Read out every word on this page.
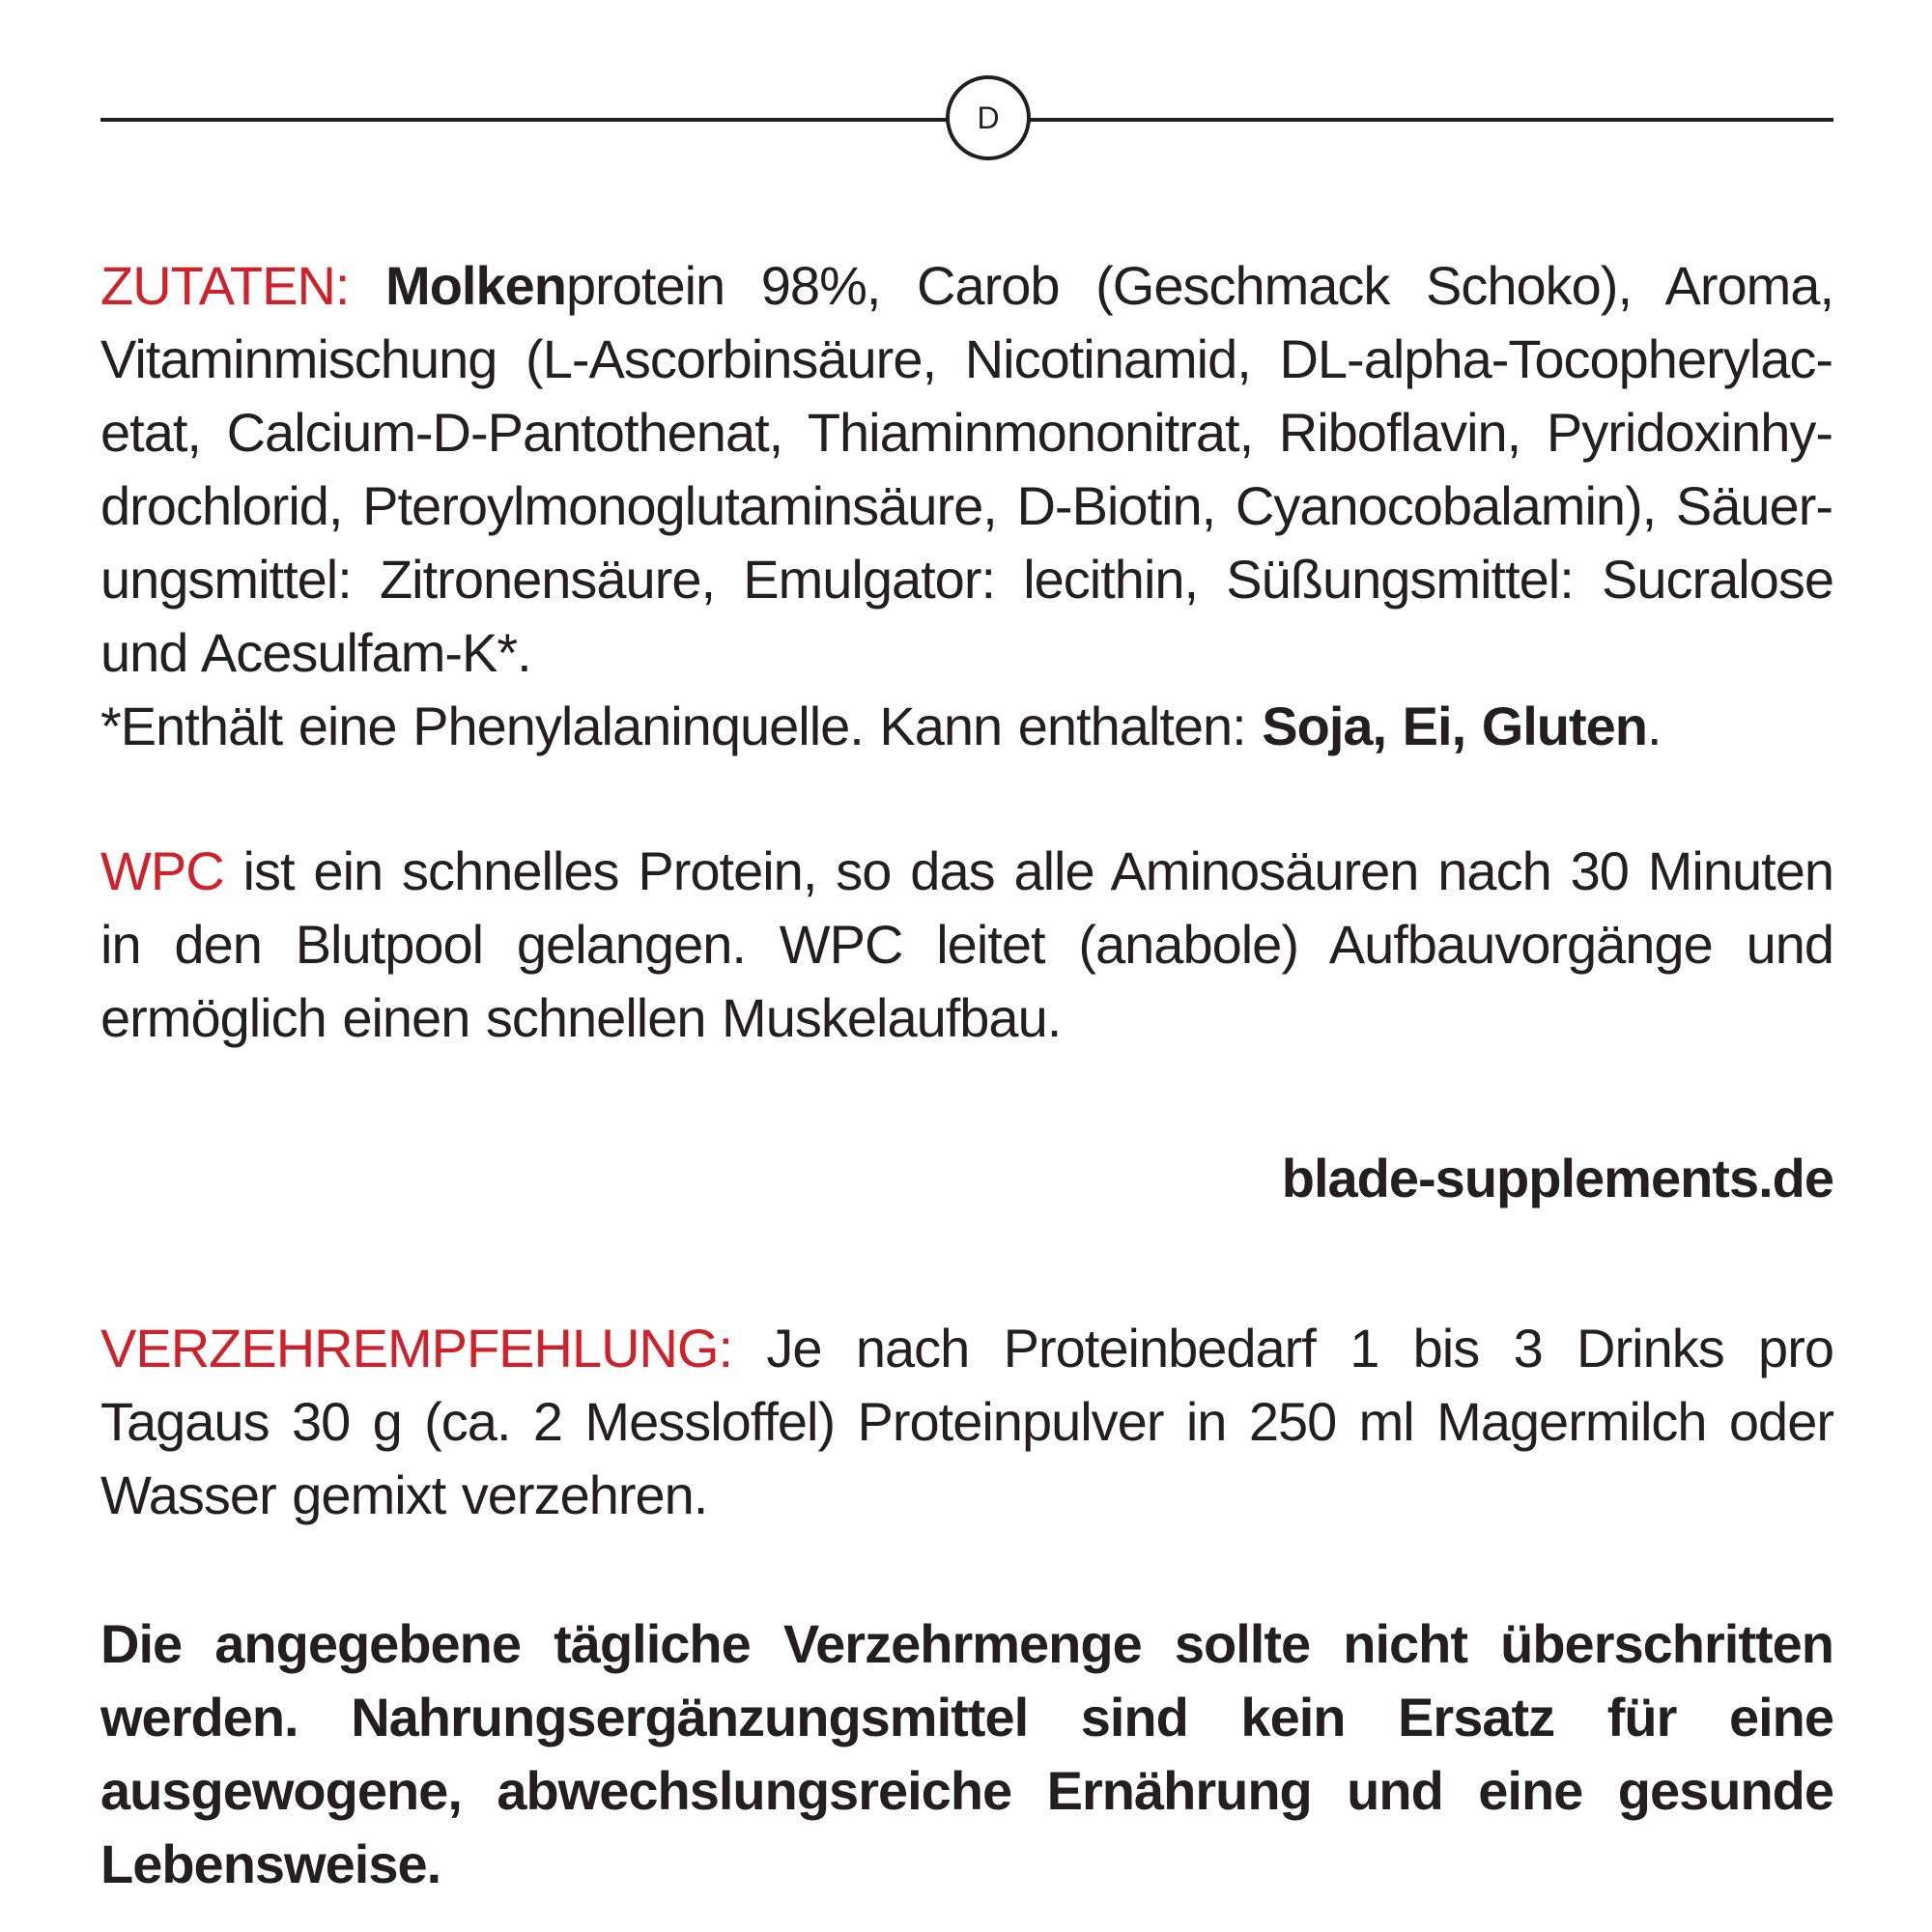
D

ZUTATEN: Molkenprotein 98%, Carob (Geschmack Schoko), Aroma, Vitaminmischung (L-Ascorbinsäure, Nicotinamid, DL-alpha-Tocopherylacetat, Calcium-D-Pantothenat, Thiaminmononitrat, Riboflavin, Pyridoxinhydrochlorid, Pteroylmonoglutaminsäure, D-Biotin, Cyanocobalamin), Säuerungsmittel: Zitronensäure, Emulgator: lecithin, Süßungsmittel: Sucralose und Acesulfam-K*.

*Enthält eine Phenylalaninquelle. Kann enthalten: Soja, Ei, Gluten.

WPC ist ein schnelles Protein, so das alle Aminosäuren nach 30 Minuten in den Blutpool gelangen. WPC leitet (anabole) Aufbauvorgänge und ermöglich einen schnellen Muskelaufbau.

blade-supplements.de

VERZEHREMPFEHLUNG: Je nach Proteinbedarf 1 bis 3 Drinks pro Tagaus 30 g (ca. 2 Messloffel) Proteinpulver in 250 ml Magermilch oder Wasser gemixt verzehren.

Die angegebene tägliche Verzehrmenge sollte nicht überschritten werden. Nahrungsergänzungsmittel sind kein Ersatz für eine ausgewogene, abwechslungsreiche Ernährung und eine gesunde Lebensweise.
